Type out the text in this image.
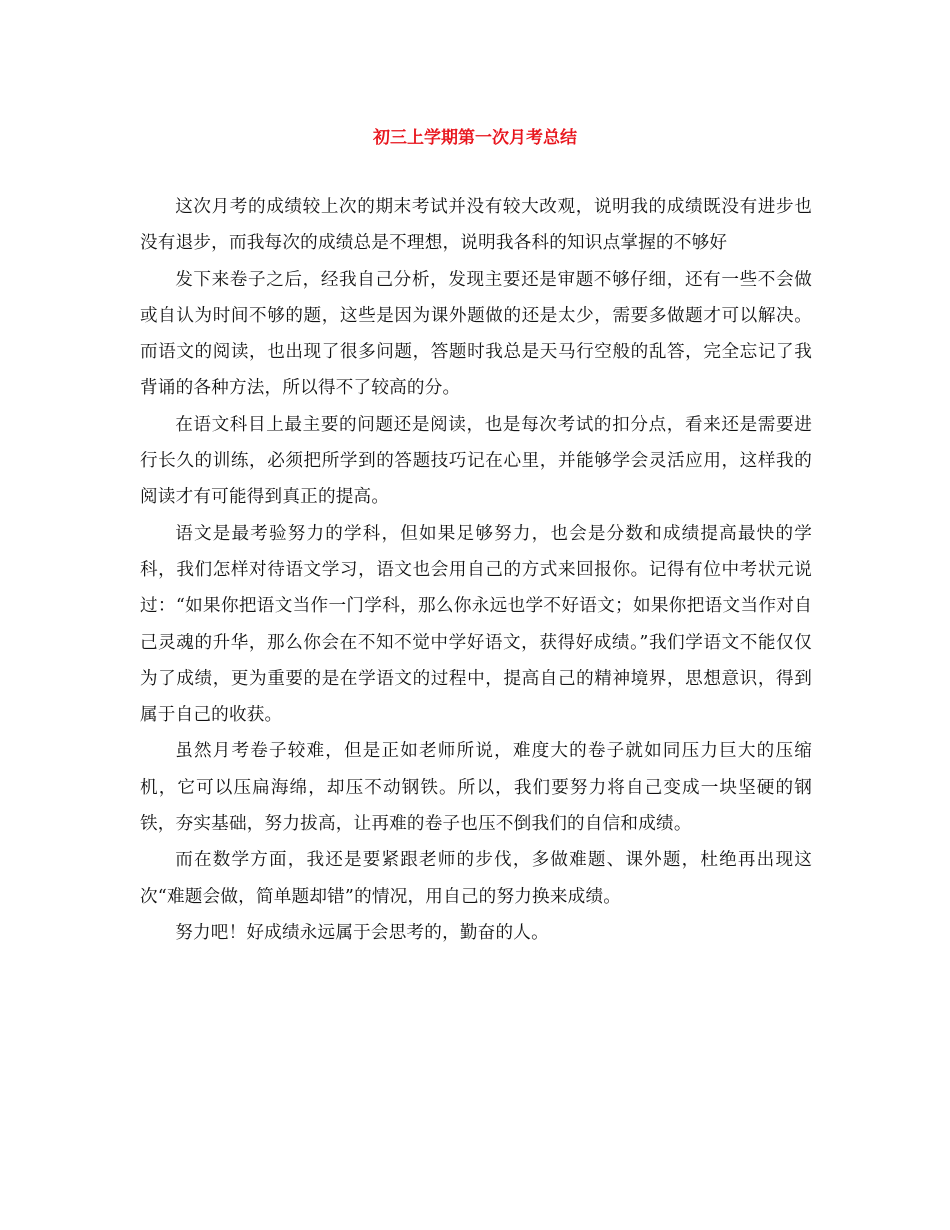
初三上学期第一次月考总结

这次月考的成绩较上次的期末考试并没有较大改观，说明我的成绩既没有进步也没有退步，而我每次的成绩总是不理想，说明我各科的知识点掌握的不够好

发下来卷子之后，经我自己分析，发现主要还是审题不够仔细，还有一些不会做或自认为时间不够的题，这些是因为课外题做的还是太少，需要多做题才可以解决。而语文的阅读，也出现了很多问题，答题时我总是天马行空般的乱答，完全忘记了我背诵的各种方法，所以得不了较高的分。

在语文科目上最主要的问题还是阅读，也是每次考试的扣分点，看来还是需要进行长久的训练，必须把所学到的答题技巧记在心里，并能够学会灵活应用，这样我的阅读才有可能得到真正的提高。

语文是最考验努力的学科，但如果足够努力，也会是分数和成绩提高最快的学科，我们怎样对待语文学习，语文也会用自己的方式来回报你。记得有位中考状元说过：“如果你把语文当作一门学科，那么你永远也学不好语文；如果你把语文当作对自己灵魂的升华，那么你会在不知不觉中学好语文，获得好成绩。”我们学语文不能仅仅为了成绩，更为重要的是在学语文的过程中，提高自己的精神境界，思想意识，得到属于自己的收获。

虽然月考卷子较难，但是正如老师所说，难度大的卷子就如同压力巨大的压缩机，它可以压扁海绵，却压不动钢铁。所以，我们要努力将自己变成一块坚硬的钢铁，夯实基础，努力拔高，让再难的卷子也压不倒我们的自信和成绩。

而在数学方面，我还是要紧跟老师的步伐，多做难题、课外题，杜绝再出现这次“难题会做，简单题却错”的情况，用自己的努力换来成绩。

努力吧！好成绩永远属于会思考的，勤奋的人。
